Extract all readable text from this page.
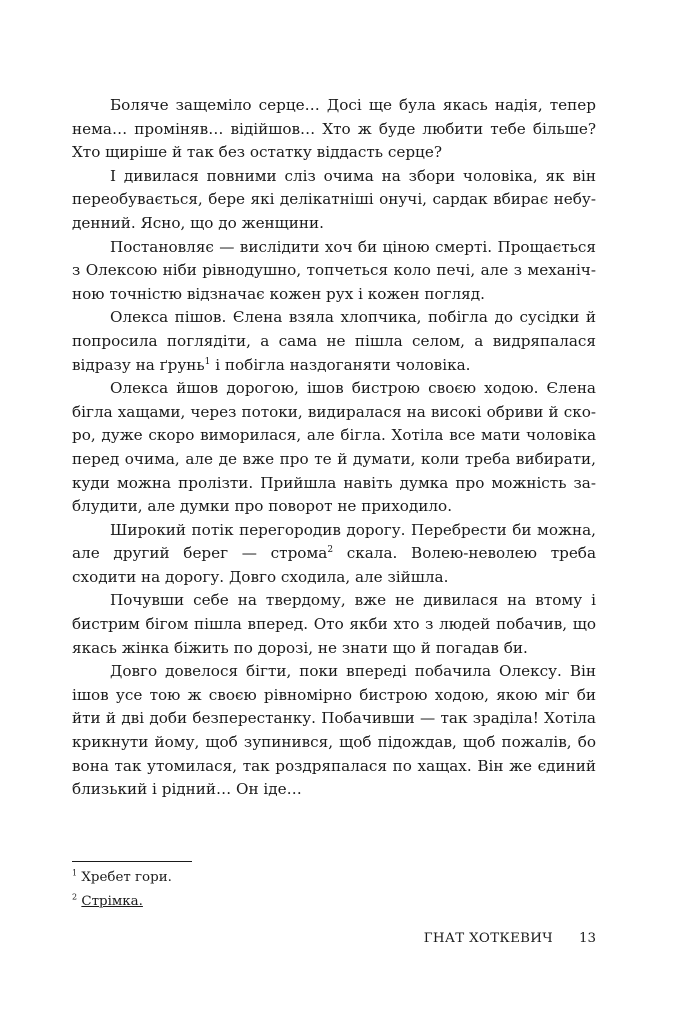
Боляче защеміло серце… Досі ще була якась надія, тепер нема… проміняв… відійшов… Хто ж буде любити тебе більше? Хто щиріше й так без остатку віддасть серце?

І дивилася повними сліз очима на збори чоловіка, як він переобувається, бере які делікатніші онучі, сардак вбирає небуденний. Ясно, що до женщини.

Постановляє — вислідити хоч би ціною смерті. Прощається з Олексою ніби рівнодушно, топчеться коло печі, але з механічною точністю відзначає кожен рух і кожен погляд.

Олекса пішов. Єлена взяла хлопчика, побігла до сусідки й попросила поглядіти, а сама не пішла селом, а видряпалася відразу на ґрунь$^1$ і побігла наздоганяти чоловіка.

Олекса йшов дорогою, ішов бистрою своєю ходою. Єлена бігла хащами, через потоки, видиралася на високі обриви й скоро, дуже скоро виморилася, але бігла. Хотіла все мати чоловіка перед очима, але де вже про те й думати, коли треба вибирати, куди можна пролізти. Прийшла навіть думка про можність заблудити, але думки про поворот не приходило.

Широкий потік перегородив дорогу. Перебрести би можна, але другий берег — строма$^2$ скала. Волею-неволею треба сходити на дорогу. Довго сходила, але зійшла.

Почувши себе на твердому, вже не дивилася на втому і бистрим бігом пішла вперед. Ото якби хто з людей побачив, що якась жінка біжить по дорозі, не знати що й погадав би.

Довго довелося бігти, поки впереді побачила Олексу. Він ішов усе тою ж своєю рівномірно бистрою ходою, якою міг би йти й дві доби безперестанку. Побачивши — так зраділа! Хотіла крикнути йому, щоб зупинився, щоб підождав, щоб пожалів, бо вона так утомилася, так роздряпалася по хащах. Він же єдиний близький і рідний… Он іде…

$^1$ Хребет гори.
$^2$ Стрімка.
ГНАТ ХОТКЕВИЧ 13
